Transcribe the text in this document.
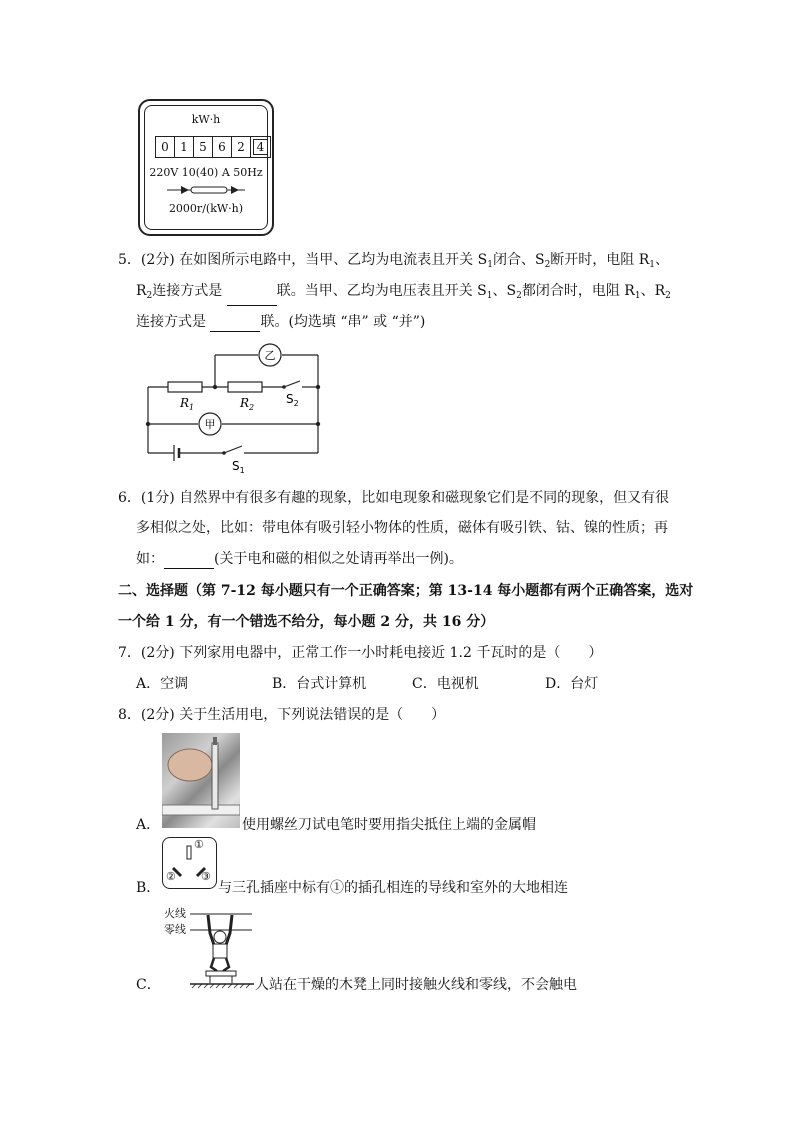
kW·h
0 1 5 6 2 4
220V 10(40) A 50Hz
2000r/(kW·h)
5．(2分) 在如图所示电路中，当甲、乙均为电流表且开关 $S_1$闭合、$S_2$断开时，电阻 $R_1$、
$R_2$连接方式是	联。当甲、乙均为电压表且开关 $S_1$、$S_2$都闭合时，电阻 $R_1$、$R_2$
连接方式是	联。(均选填 “串” 或 “并”)
乙
甲
$R_1$	$R_2$
$S_2$
$S_1$
6．(1分) 自然界中有很多有趣的现象，比如电现象和磁现象它们是不同的现象，但又有很
多相似之处，比如：带电体有吸引轻小物体的性质，磁体有吸引铁、钴、镍的性质；再
如：	(关于电和磁的相似之处请再举出一例)。
二、选择题（第 7-12 每小题只有一个正确答案；第 13-14 每小题都有两个正确答案，选对
一个给 1 分，有一个错选不给分，每小题 2 分，共 16 分）
7．(2分) 下列家用电器中，正常工作一小时耗电接近 1.2 千瓦时的是（　　）
A．空调	B．台式计算机	C．电视机	D．台灯
8．(2分) 关于生活用电，下列说法错误的是（　　）
A．	使用螺丝刀试电笔时要用指尖抵住上端的金属帽
①
② ③
B．	与三孔插座中标有①的插孔相连的导线和室外的大地相连
火线
零线
C．	人站在干燥的木凳上同时接触火线和零线，不会触电
